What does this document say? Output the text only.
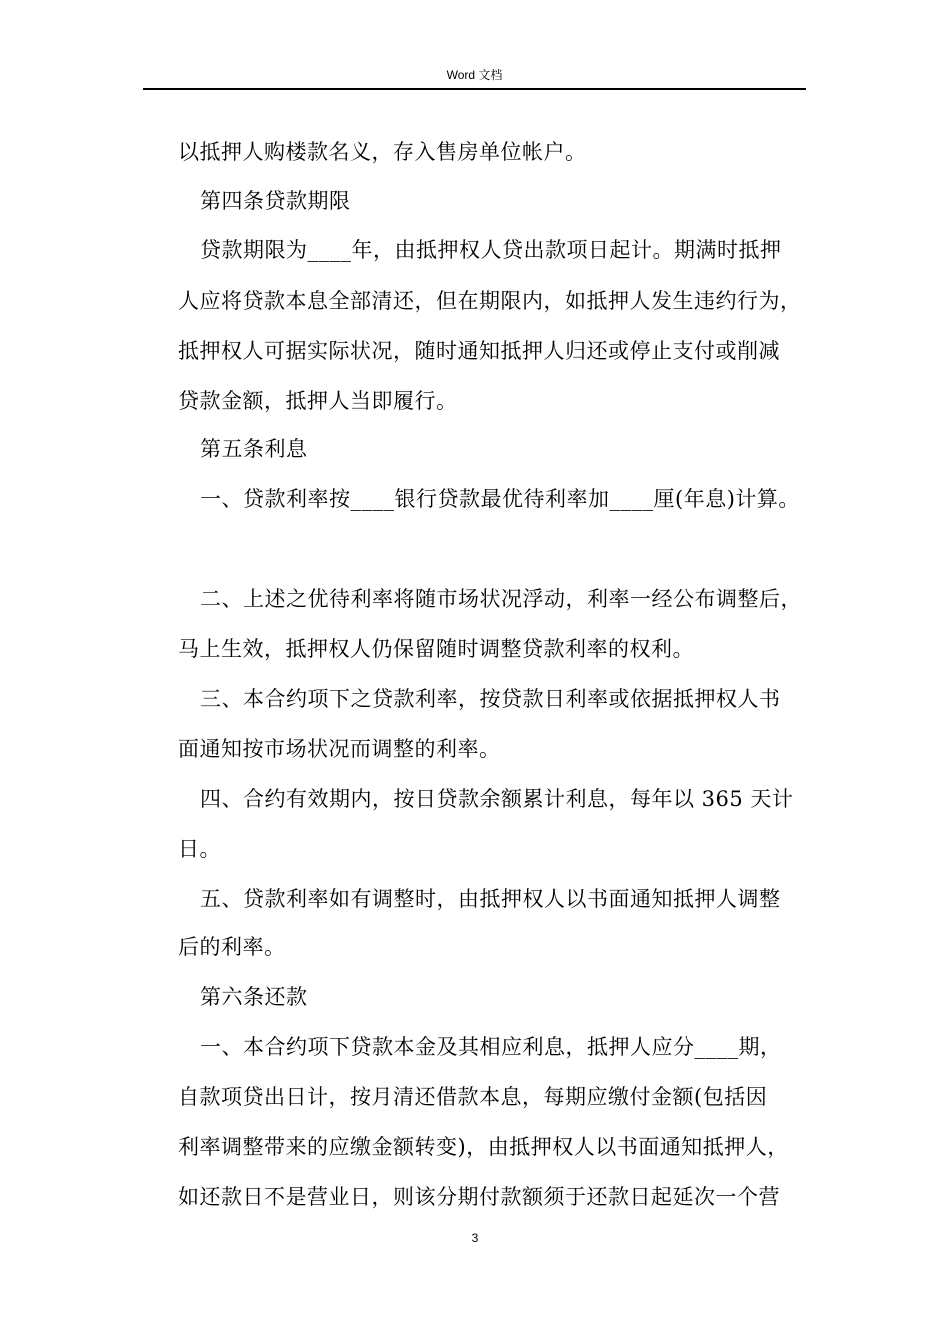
Word 文档
以抵押人购楼款名义，存入售房单位帐户。
第四条贷款期限
贷款期限为____年，由抵押权人贷出款项日起计。期满时抵押
人应将贷款本息全部清还，但在期限内，如抵押人发生违约行为，
抵押权人可据实际状况，随时通知抵押人归还或停止支付或削减
贷款金额，抵押人当即履行。
第五条利息
一、贷款利率按____银行贷款最优待利率加____厘(年息)计算。
二、上述之优待利率将随市场状况浮动，利率一经公布调整后，
马上生效，抵押权人仍保留随时调整贷款利率的权利。
三、本合约项下之贷款利率，按贷款日利率或依据抵押权人书
面通知按市场状况而调整的利率。
四、合约有效期内，按日贷款余额累计利息，每年以 365 天计
日。
五、贷款利率如有调整时，由抵押权人以书面通知抵押人调整
后的利率。
第六条还款
一、本合约项下贷款本金及其相应利息，抵押人应分____期，
自款项贷出日计，按月清还借款本息，每期应缴付金额(包括因
利率调整带来的应缴金额转变)，由抵押权人以书面通知抵押人，
如还款日不是营业日，则该分期付款额须于还款日起延次一个营
3
